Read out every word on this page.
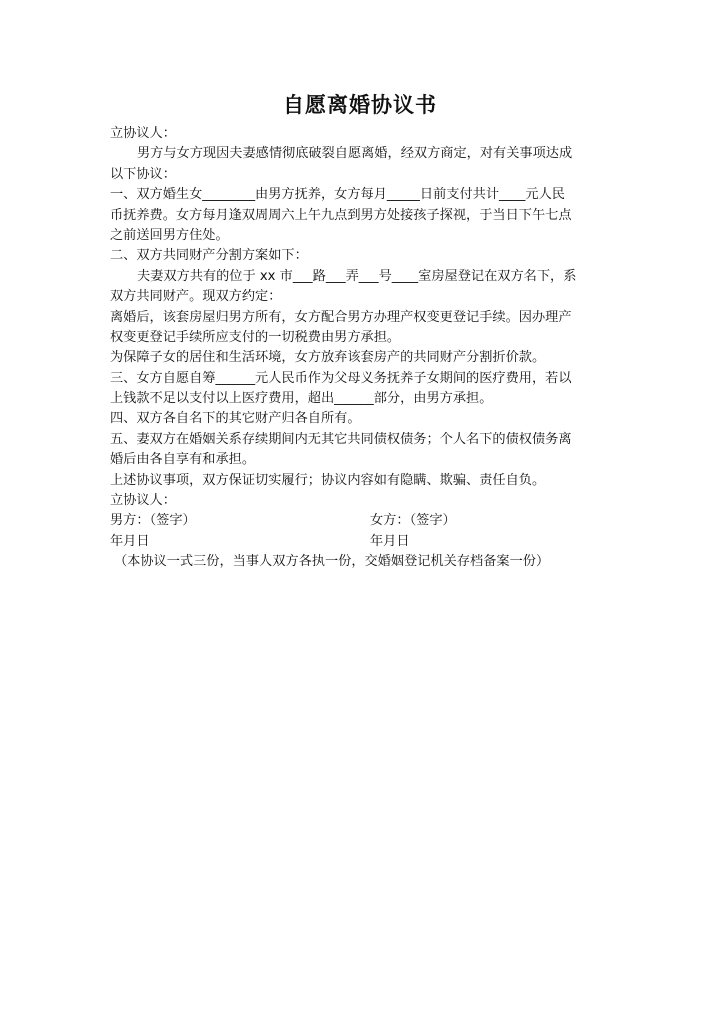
自愿离婚协议书
立协议人：
男方与女方现因夫妻感情彻底破裂自愿离婚，经双方商定，对有关事项达成
以下协议：
一、双方婚生女________由男方抚养，女方每月_____日前支付共计____元人民
币抚养费。女方每月逢双周周六上午九点到男方处接孩子探视，于当日下午七点
之前送回男方住处。
二、双方共同财产分割方案如下：
夫妻双方共有的位于 xx 市___路___弄___号____室房屋登记在双方名下，系
双方共同财产。现双方约定：
离婚后，该套房屋归男方所有，女方配合男方办理产权变更登记手续。因办理产
权变更登记手续所应支付的一切税费由男方承担。
为保障子女的居住和生活环境，女方放弃该套房产的共同财产分割折价款。
三、女方自愿自筹______元人民币作为父母义务抚养子女期间的医疗费用，若以
上钱款不足以支付以上医疗费用，超出______部分，由男方承担。
四、双方各自名下的其它财产归各自所有。
五、妻双方在婚姻关系存续期间内无其它共同债权债务；个人名下的债权债务离
婚后由各自享有和承担。
上述协议事项，双方保证切实履行；协议内容如有隐瞒、欺骗、责任自负。
立协议人：
男方：（签字）	女方：（签字）
年月日	年月日
（本协议一式三份，当事人双方各执一份，交婚姻登记机关存档备案一份）
